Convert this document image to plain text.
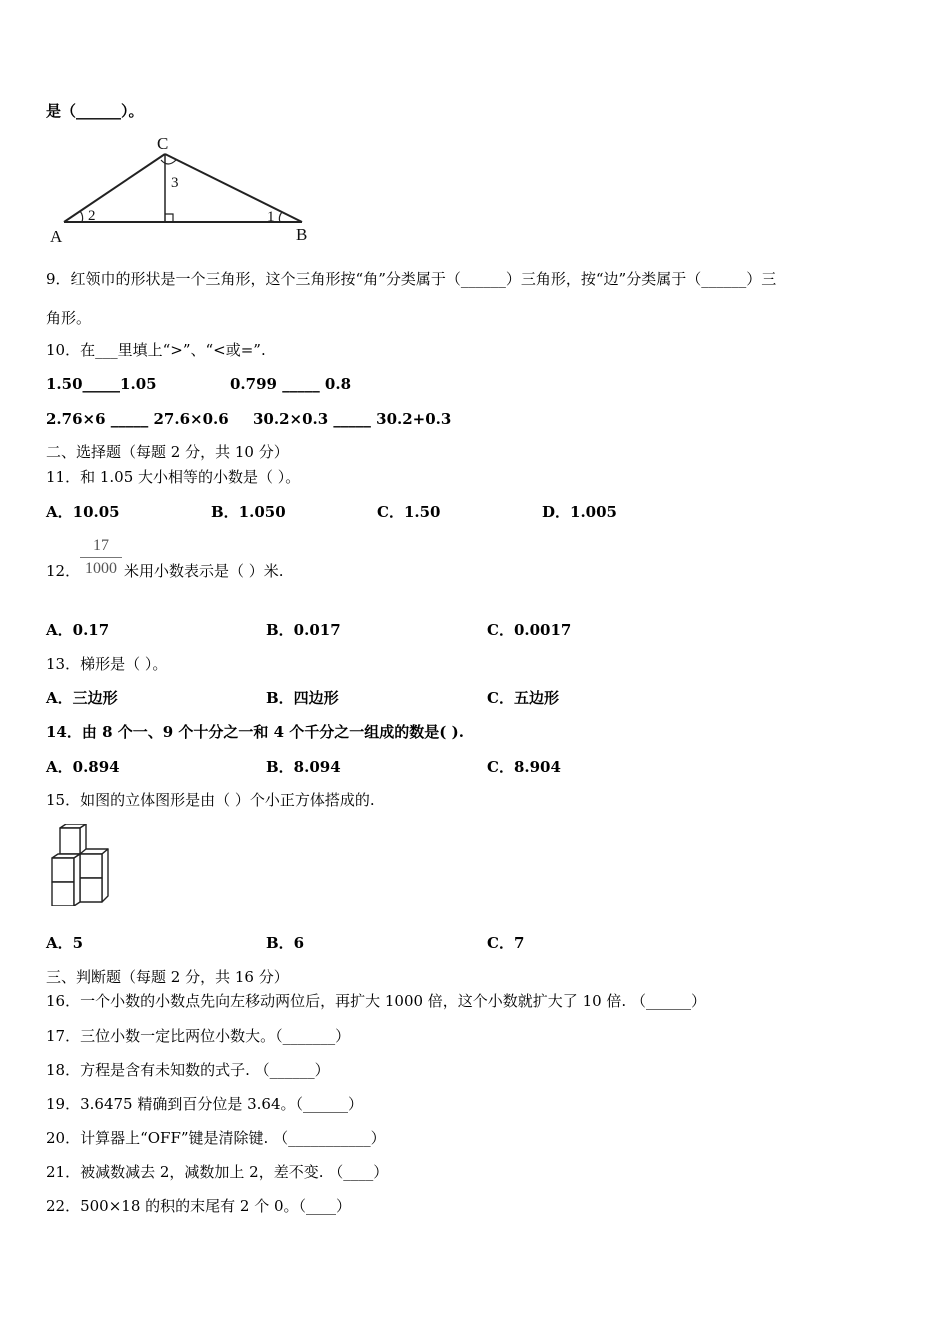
是（______）。
C
A	B
2	1
3
9．红领巾的形状是一个三角形，这个三角形按“角”分类属于（______）三角形，按“边”分类属于（______）三
角形。
10．在___里填上“>”、“<或=”.
1.50_____1.05	0.799 _____ 0.8
2.76×6 _____ 27.6×0.6 30.2×0.3 _____ 30.2+0.3
二、选择题（每题 2 分，共 10 分）
11．和 1.05 大小相等的小数是（ ）。
A．10.05	B．1.050	C．1.50	D．1.005
12．
17
1000 米用小数表示是（ ）米.
A．0.17	B．0.017	C．0.0017
13．梯形是（ ）。
A．三边形	B．四边形	C．五边形
14．由 8 个一、9 个十分之一和 4 个千分之一组成的数是( ).
A．0.894	B．8.094	C．8.904
15．如图的立体图形是由（ ）个小正方体搭成的.
A．5	B．6	C．7
三、判断题（每题 2 分，共 16 分）
16．一个小数的小数点先向左移动两位后，再扩大 1000 倍，这个小数就扩大了 10 倍. （______）
17．三位小数一定比两位小数大。（_______）
18．方程是含有未知数的式子. （______）
19．3.6475 精确到百分位是 3.64。（______）
20．计算器上“OFF”键是清除键. （___________）
21．被减数减去 2，减数加上 2，差不变. （____）
22．500×18 的积的末尾有 2 个 0。（____）
